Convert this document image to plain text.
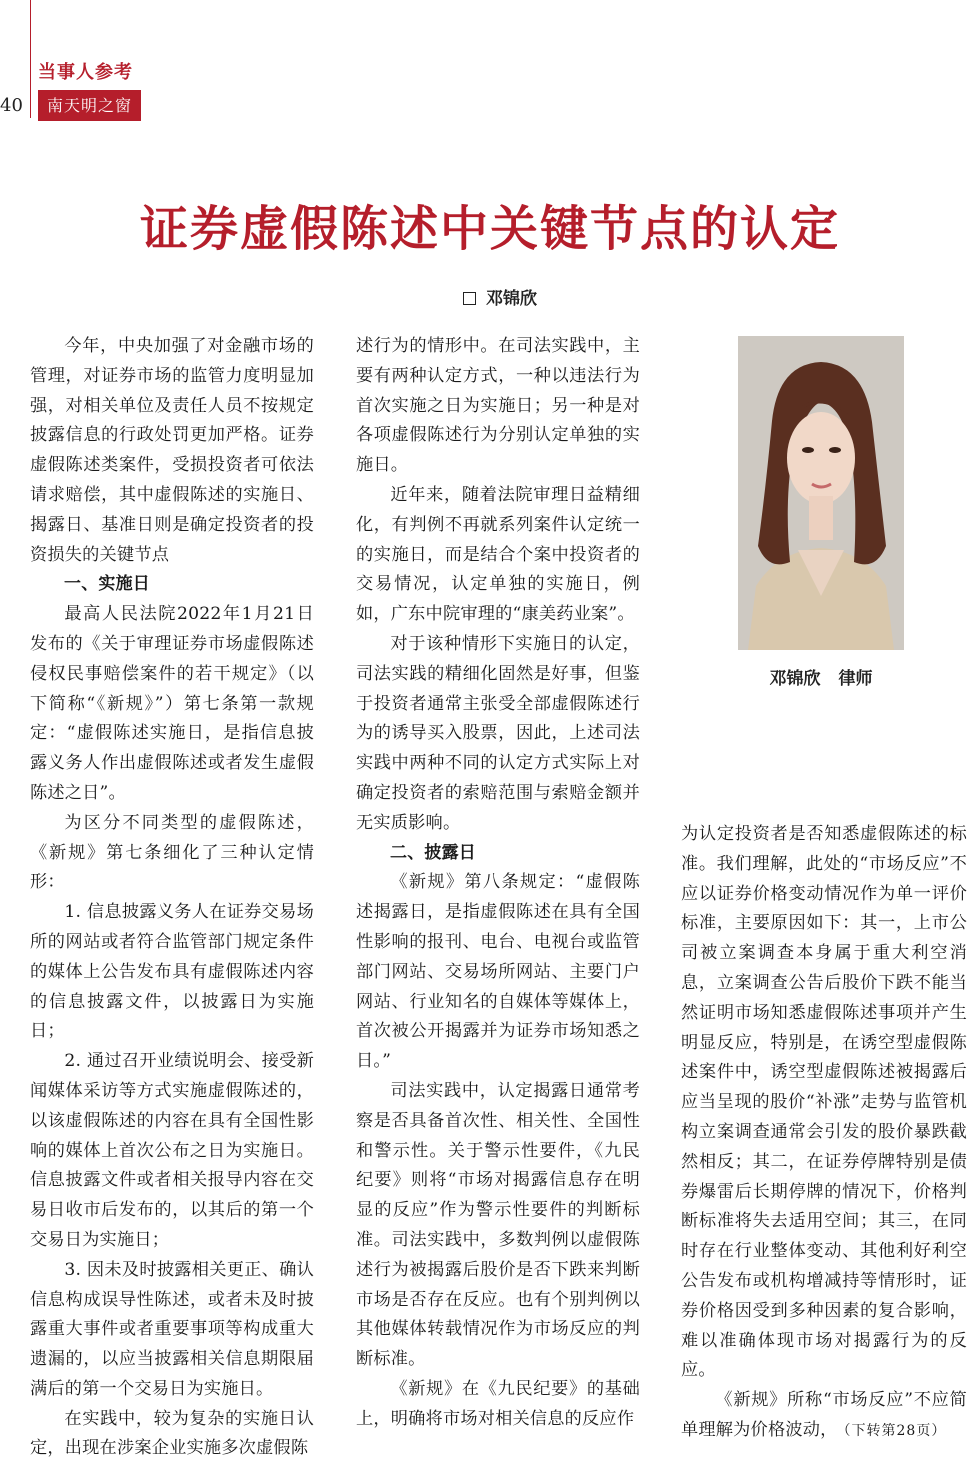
当事人参考
40	南天明之窗
证券虚假陈述中关键节点的认定
邓锦欣

今年，中央加强了对金融市场的管理，对证券市场的监管力度明显加强，对相关单位及责任人员不按规定披露信息的行政处罚更加严格。证券虚假陈述类案件，受损投资者可依法请求赔偿，其中虚假陈述的实施日、揭露日、基准日则是确定投资者的投资损失的关键节点

一、实施日

最高人民法院2022年1月21日发布的《关于审理证券市场虚假陈述侵权民事赔偿案件的若干规定》（以下简称“《新规》”）第七条第一款规定：“虚假陈述实施日，是指信息披露义务人作出虚假陈述或者发生虚假陈述之日”。

为区分不同类型的虚假陈述，《新规》第七条细化了三种认定情形：

1. 信息披露义务人在证券交易场所的网站或者符合监管部门规定条件的媒体上公告发布具有虚假陈述内容的信息披露文件，以披露日为实施日；

2. 通过召开业绩说明会、接受新闻媒体采访等方式实施虚假陈述的，以该虚假陈述的内容在具有全国性影响的媒体上首次公布之日为实施日。信息披露文件或者相关报导内容在交易日收市后发布的，以其后的第一个交易日为实施日；

3. 因未及时披露相关更正、确认信息构成误导性陈述，或者未及时披露重大事件或者重要事项等构成重大遗漏的，以应当披露相关信息期限届满后的第一个交易日为实施日。

在实践中，较为复杂的实施日认定，出现在涉案企业实施多次虚假陈

述行为的情形中。在司法实践中，主要有两种认定方式，一种以违法行为首次实施之日为实施日；另一种是对各项虚假陈述行为分别认定单独的实施日。

近年来，随着法院审理日益精细化，有判例不再就系列案件认定统一的实施日，而是结合个案中投资者的交易情况，认定单独的实施日，例如，广东中院审理的“康美药业案”。

对于该种情形下实施日的认定，司法实践的精细化固然是好事，但鉴于投资者通常主张受全部虚假陈述行为的诱导买入股票，因此，上述司法实践中两种不同的认定方式实际上对确定投资者的索赔范围与索赔金额并无实质影响。

二、披露日

《新规》第八条规定：“虚假陈述揭露日，是指虚假陈述在具有全国性影响的报刊、电台、电视台或监管部门网站、交易场所网站、主要门户网站、行业知名的自媒体等媒体上，首次被公开揭露并为证券市场知悉之日。”

司法实践中，认定揭露日通常考察是否具备首次性、相关性、全国性和警示性。关于警示性要件，《九民纪要》则将“市场对揭露信息存在明显的反应”作为警示性要件的判断标准。司法实践中，多数判例以虚假陈述行为被揭露后股价是否下跌来判断市场是否存在反应。也有个别判例以其他媒体转载情况作为市场反应的判断标准。

《新规》在《九民纪要》的基础上，明确将市场对相关信息的反应作

邓锦欣 律师

为认定投资者是否知悉虚假陈述的标准。我们理解，此处的“市场反应”不应以证券价格变动情况作为单一评价标准，主要原因如下：其一，上市公司被立案调查本身属于重大利空消息，立案调查公告后股价下跌不能当然证明市场知悉虚假陈述事项并产生明显反应，特别是，在诱空型虚假陈述案件中，诱空型虚假陈述被揭露后应当呈现的股价“补涨”走势与监管机构立案调查通常会引发的股价暴跌截然相反；其二，在证券停牌特别是债券爆雷后长期停牌的情况下，价格判断标准将失去适用空间；其三，在同时存在行业整体变动、其他利好利空公告发布或机构增减持等情形时，证券价格因受到多种因素的复合影响，难以准确体现市场对揭露行为的反应。

《新规》所称“市场反应”不应简单理解为价格波动， （下转第28页）
